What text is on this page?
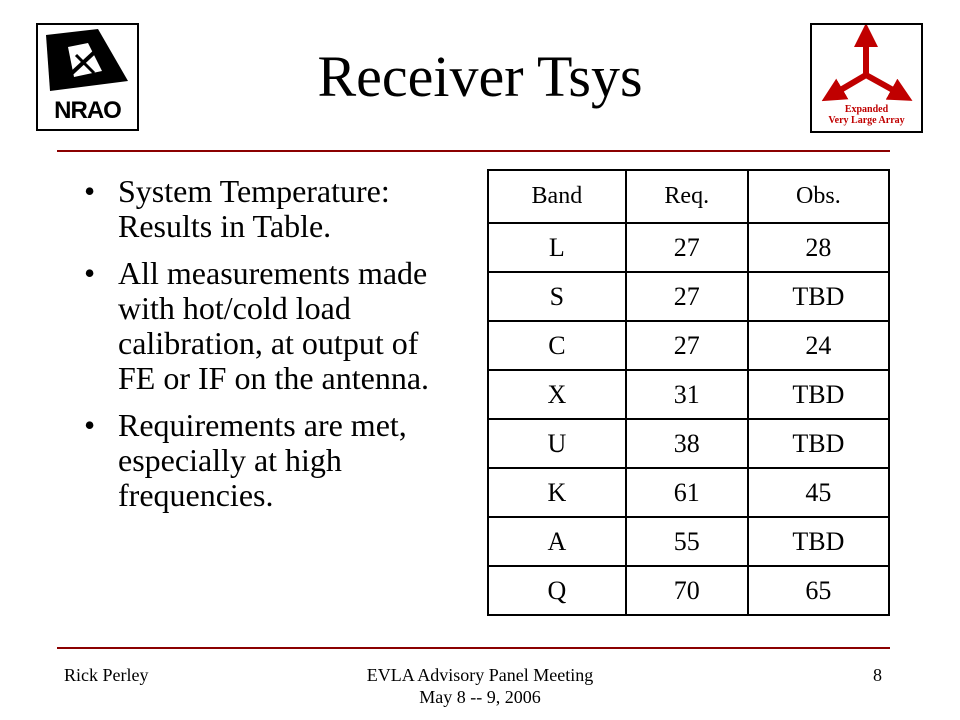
NRAO	Expanded
Very Large Array
Receiver Tsys
• System Temperature: Results in Table.
• All measurements made with hot/cold load calibration, at output of FE or IF on the antenna.
• Requirements are met, especially at high frequencies.
Band	Req.	Obs.
L	27	28
S	27	TBD
C	27	24
X	31	TBD
U	38	TBD
K	61	45
A	55	TBD
Q	70	65
Rick Perley	EVLA Advisory Panel Meeting
May 8 -- 9, 2006
8
